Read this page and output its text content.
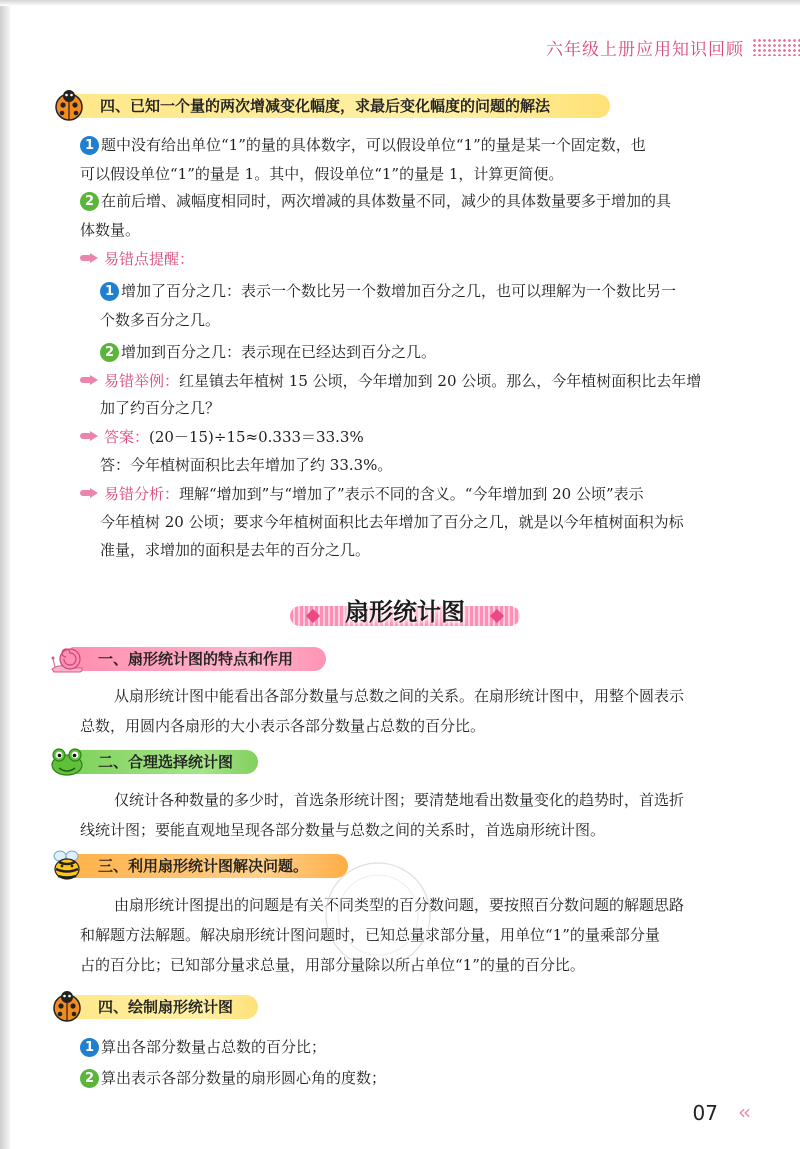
六年级上册应用知识回顾
四、已知一个量的两次增减变化幅度，求最后变化幅度的问题的解法
1 题中没有给出单位“1”的量的具体数字，可以假设单位“1”的量是某一个固定数，也
可以假设单位“1”的量是 1。其中，假设单位“1”的量是 1，计算更简便。
2 在前后增、减幅度相同时，两次增减的具体数量不同，减少的具体数量要多于增加的具
体数量。
易错点提醒：
1 增加了百分之几：表示一个数比另一个数增加百分之几，也可以理解为一个数比另一
个数多百分之几。
2 增加到百分之几：表示现在已经达到百分之几。
易错举例：红星镇去年植树 15 公顷，今年增加到 20 公顷。那么，今年植树面积比去年增
加了约百分之几？
答案：(20－15)÷15≈0.333＝33.3%
答：今年植树面积比去年增加了约 33.3%。
易错分析：理解“增加到”与“增加了”表示不同的含义。“今年增加到 20 公顷”表示
今年植树 20 公顷；要求今年植树面积比去年增加了百分之几，就是以今年植树面积为标
准量，求增加的面积是去年的百分之几。
扇形统计图
一、扇形统计图的特点和作用
从扇形统计图中能看出各部分数量与总数之间的关系。在扇形统计图中，用整个圆表示
总数，用圆内各扇形的大小表示各部分数量占总数的百分比。
二、合理选择统计图
仅统计各种数量的多少时，首选条形统计图；要清楚地看出数量变化的趋势时，首选折
线统计图；要能直观地呈现各部分数量与总数之间的关系时，首选扇形统计图。
三、利用扇形统计图解决问题。
由扇形统计图提出的问题是有关不同类型的百分数问题，要按照百分数问题的解题思路
和解题方法解题。解决扇形统计图问题时，已知总量求部分量，用单位“1”的量乘部分量
占的百分比；已知部分量求总量，用部分量除以所占单位“1”的量的百分比。
四、绘制扇形统计图
1 算出各部分数量占总数的百分比；
2 算出表示各部分数量的扇形圆心角的度数；
07 ‹‹
